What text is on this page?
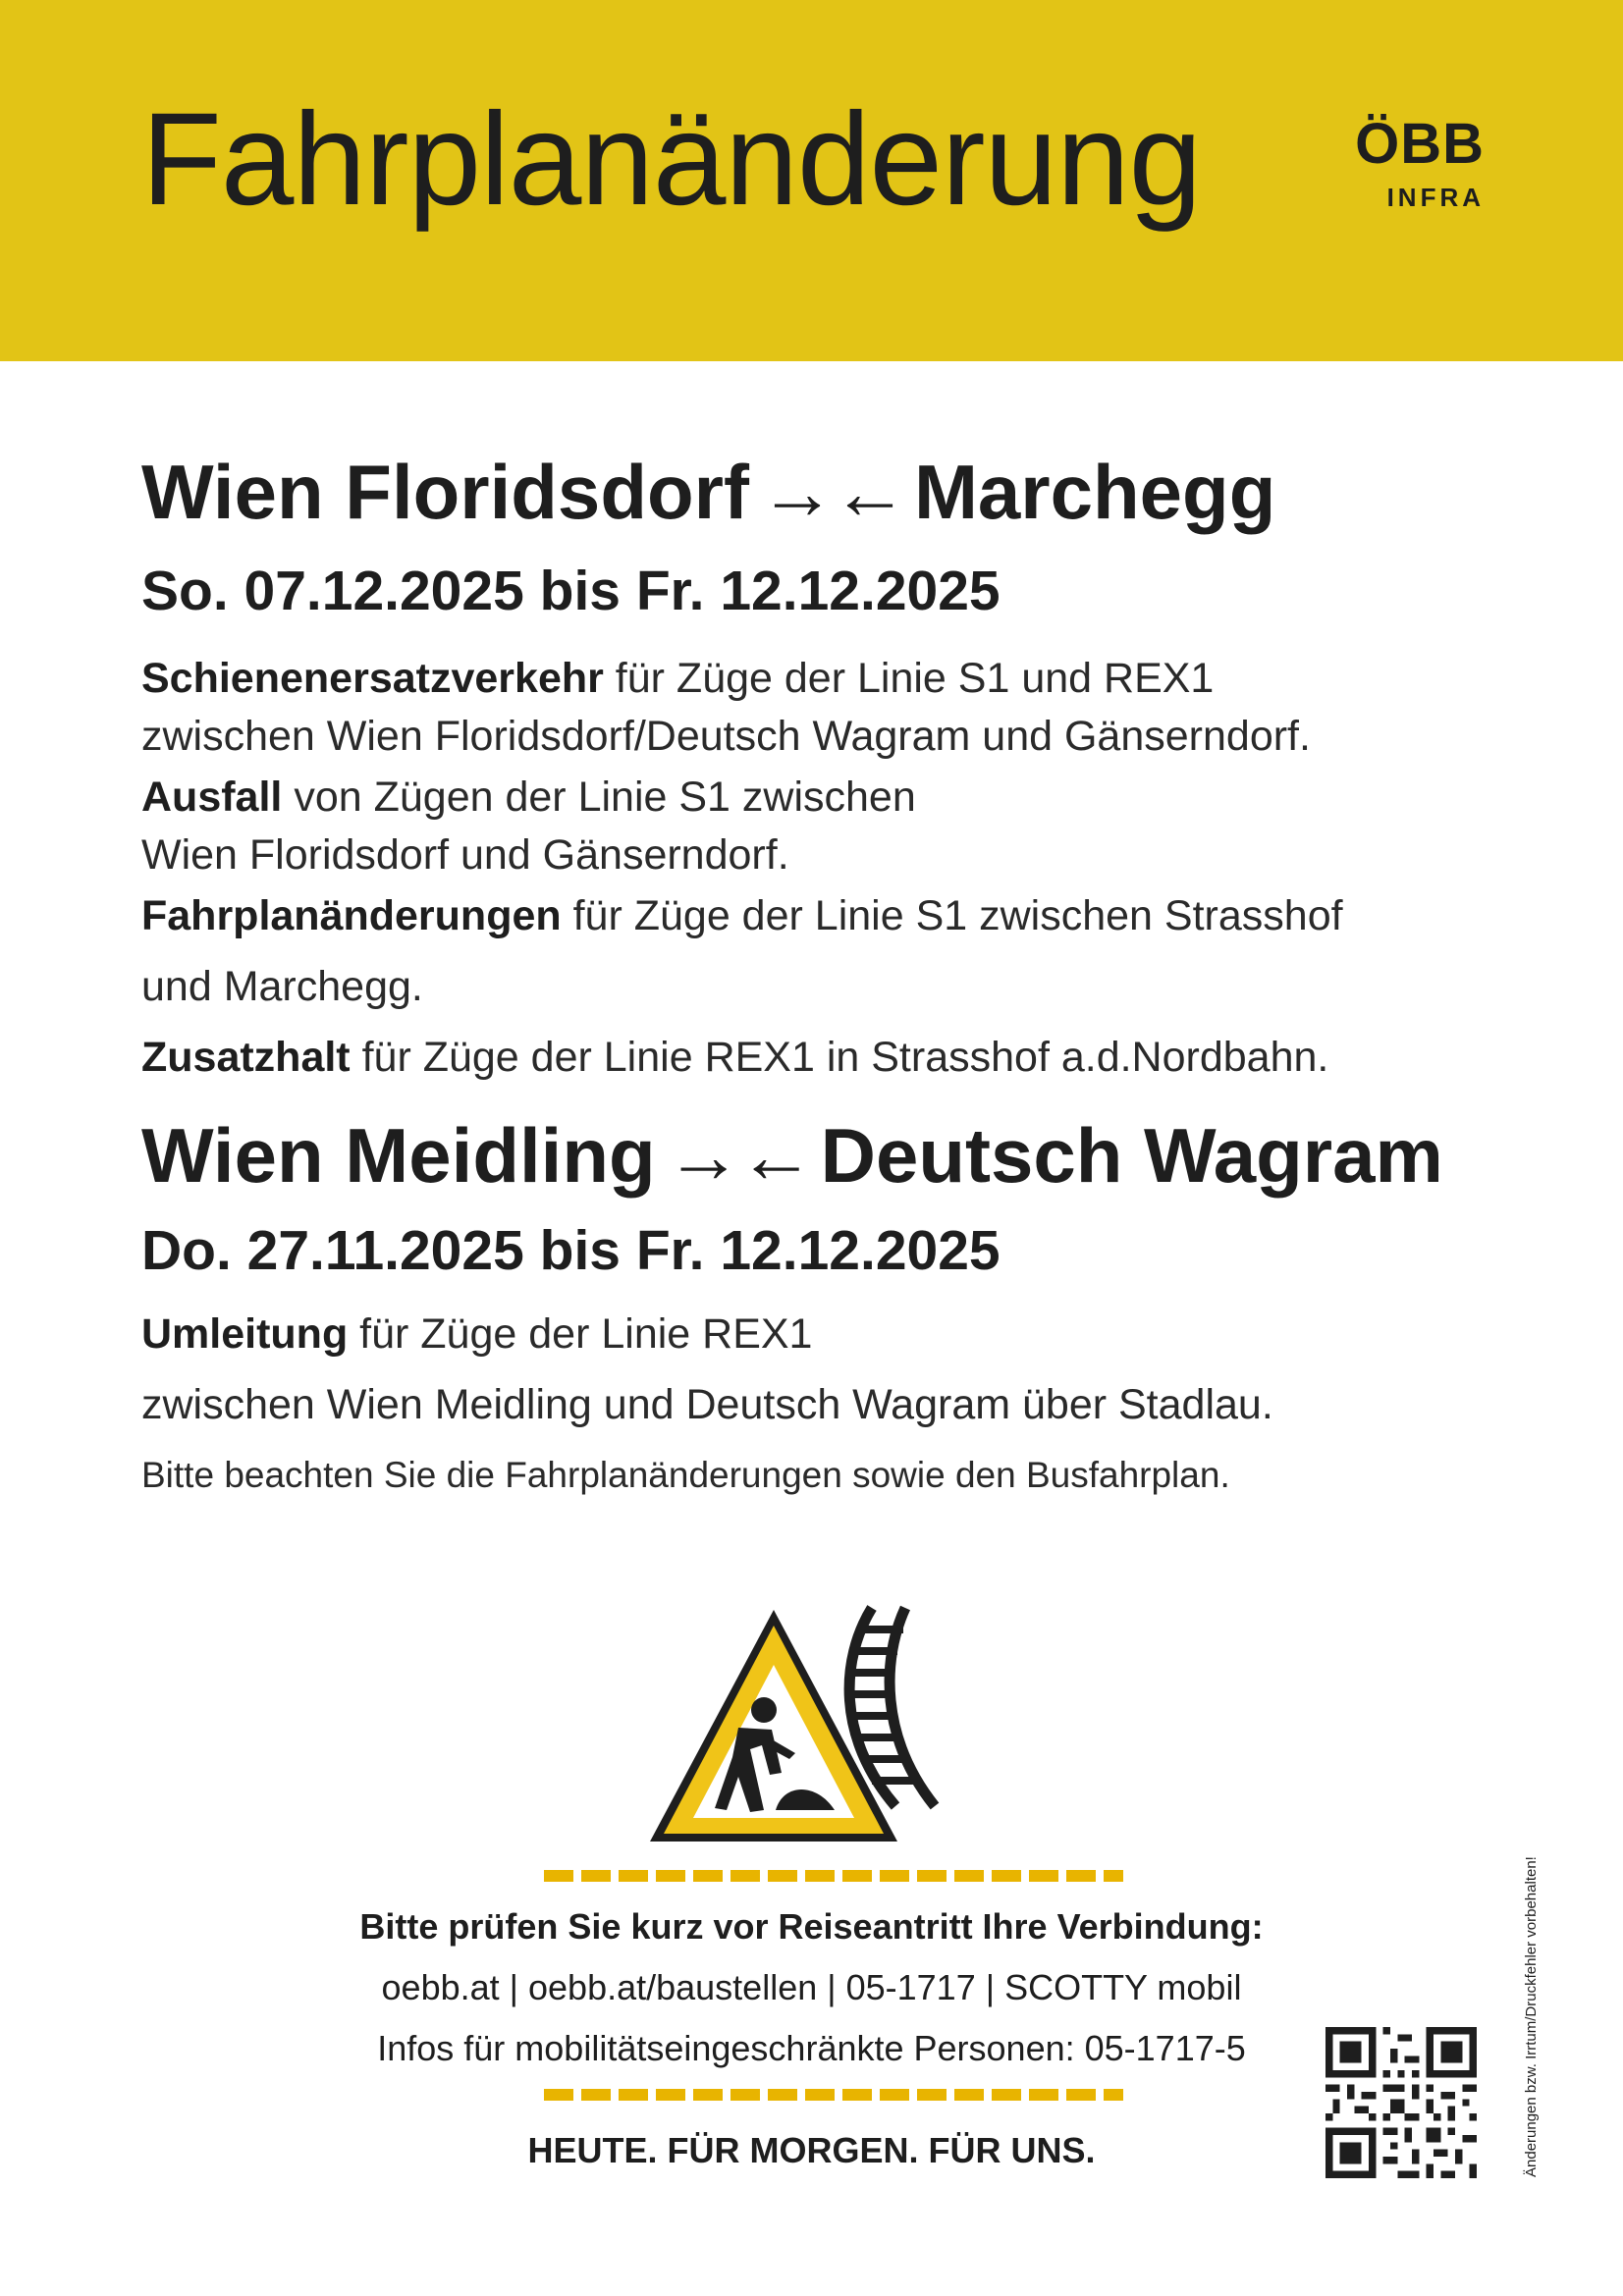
Fahrplanänderung	ÖBB
INFRA
Wien Floridsdorf →← Marchegg
So. 07.12.2025 bis Fr. 12.12.2025
Schienenersatzverkehr für Züge der Linie S1 und REX1
zwischen Wien Floridsdorf/Deutsch Wagram und Gänserndorf.
Ausfall von Zügen der Linie S1 zwischen
Wien Floridsdorf und Gänserndorf.
Fahrplanänderungen für Züge der Linie S1 zwischen Strasshof
und Marchegg.
Zusatzhalt für Züge der Linie REX1 in Strasshof a.d.Nordbahn.
Wien Meidling →← Deutsch Wagram
Do. 27.11.2025 bis Fr. 12.12.2025
Umleitung für Züge der Linie REX1
zwischen Wien Meidling und Deutsch Wagram über Stadlau.
Bitte beachten Sie die Fahrplanänderungen sowie den Busfahrplan.
Bitte prüfen Sie kurz vor Reiseantritt Ihre Verbindung:
oebb.at | oebb.at/baustellen | 05-1717 | SCOTTY mobil
Infos für mobilitätseingeschränkte Personen: 05-1717-5
HEUTE. FÜR MORGEN. FÜR UNS.	Änderungen bzw. Irrtum/Druckfehler vorbehalten!
